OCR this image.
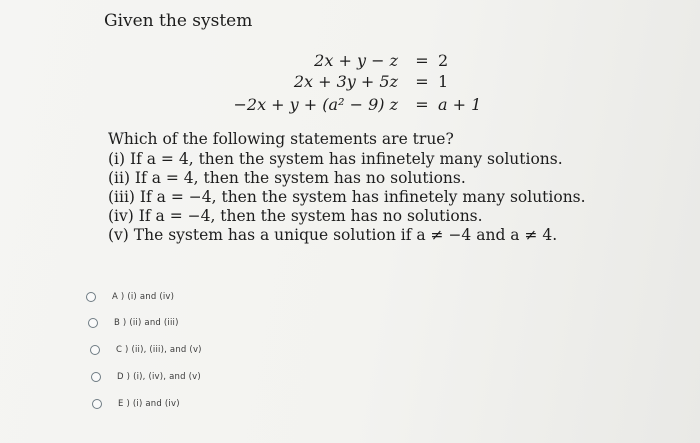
Given the system
2x + y − z = 2
2x + 3y + 5z = 1
−2x + y + (a² − 9) z = a + 1
Which of the following statements are true?
(i) If a = 4, then the system has infinetely many solutions.
(ii) If a = 4, then the system has no solutions.
(iii) If a = −4, then the system has infinetely many solutions.
(iv) If a = −4, then the system has no solutions.
(v) The system has a unique solution if a ≠ −4 and a ≠ 4.
A ) (i) and (iv)
B ) (ii) and (iii)
C ) (ii), (iii), and (v)
D ) (i), (iv), and (v)
E ) (i) and (iv)
